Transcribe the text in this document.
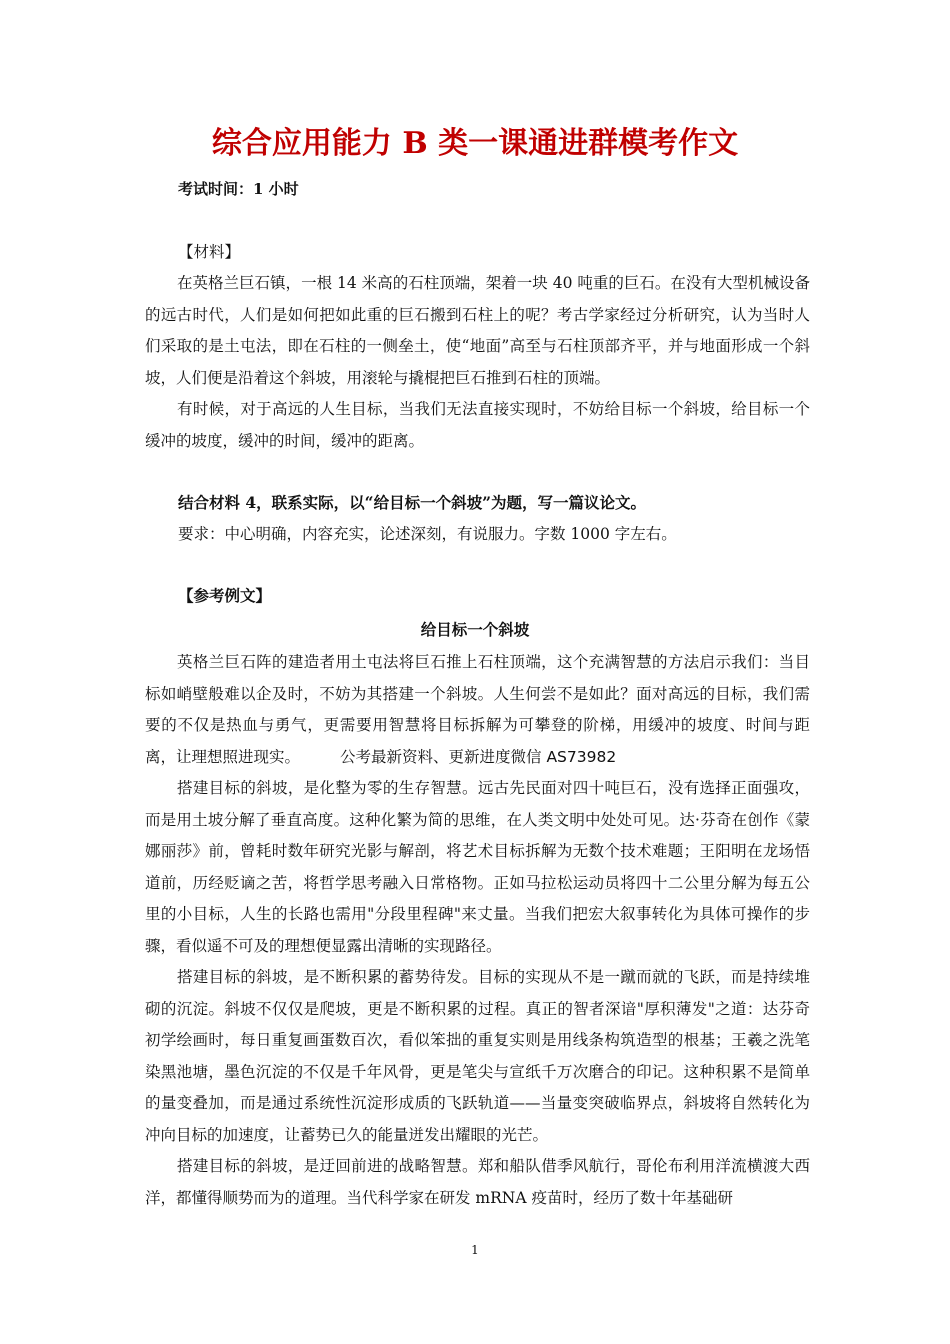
综合应用能力 B 类一课通进群模考作文
考试时间：1 小时
【材料】

在英格兰巨石镇，一根 14 米高的石柱顶端，架着一块 40 吨重的巨石。在没有大型机械设备的远古时代，人们是如何把如此重的巨石搬到石柱上的呢？考古学家经过分析研究，认为当时人们采取的是土屯法，即在石柱的一侧垒土，使“地面”高至与石柱顶部齐平，并与地面形成一个斜坡，人们便是沿着这个斜坡，用滚轮与撬棍把巨石推到石柱的顶端。

有时候，对于高远的人生目标，当我们无法直接实现时，不妨给目标一个斜坡，给目标一个缓冲的坡度，缓冲的时间，缓冲的距离。

结合材料 4，联系实际，以“给目标一个斜坡”为题，写一篇议论文。
要求：中心明确，内容充实，论述深刻，有说服力。字数 1000 字左右。
【参考例文】
给目标一个斜坡

英格兰巨石阵的建造者用土屯法将巨石推上石柱顶端，这个充满智慧的方法启示我们：当目标如峭壁般难以企及时，不妨为其搭建一个斜坡。人生何尝不是如此？面对高远的目标，我们需要的不仅是热血与勇气，更需要用智慧将目标拆解为可攀登的阶梯，用缓冲的坡度、时间与距离，让理想照进现实。	公考最新资料、更新进度微信 AS73982

搭建目标的斜坡，是化整为零的生存智慧。远古先民面对四十吨巨石，没有选择正面强攻，而是用土坡分解了垂直高度。这种化繁为简的思维，在人类文明中处处可见。达·芬奇在创作《蒙娜丽莎》前，曾耗时数年研究光影与解剖，将艺术目标拆解为无数个技术难题；王阳明在龙场悟道前，历经贬谪之苦，将哲学思考融入日常格物。正如马拉松运动员将四十二公里分解为每五公里的小目标，人生的长路也需用"分段里程碑"来丈量。当我们把宏大叙事转化为具体可操作的步骤，看似遥不可及的理想便显露出清晰的实现路径。

搭建目标的斜坡，是不断积累的蓄势待发。目标的实现从不是一蹴而就的飞跃，而是持续堆砌的沉淀。斜坡不仅仅是爬坡，更是不断积累的过程。真正的智者深谙"厚积薄发"之道：达芬奇初学绘画时，每日重复画蛋数百次，看似笨拙的重复实则是用线条构筑造型的根基；王羲之洗笔染黑池塘，墨色沉淀的不仅是千年风骨，更是笔尖与宣纸千万次磨合的印记。这种积累不是简单的量变叠加，而是通过系统性沉淀形成质的飞跃轨道——当量变突破临界点，斜坡将自然转化为冲向目标的加速度，让蓄势已久的能量迸发出耀眼的光芒。

搭建目标的斜坡，是迂回前进的战略智慧。郑和船队借季风航行，哥伦布利用洋流横渡大西洋，都懂得顺势而为的道理。当代科学家在研发 mRNA 疫苗时，经历了数十年基础研

1
